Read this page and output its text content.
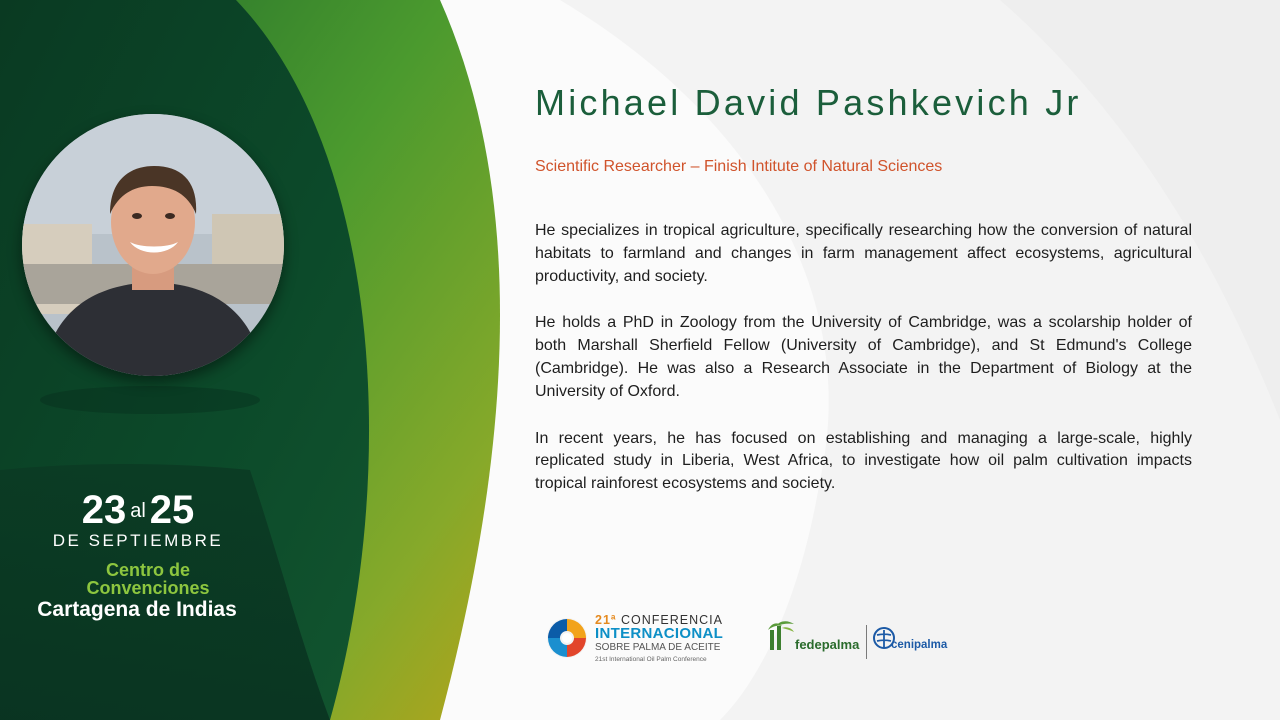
23 al 25
DE SEPTIEMBRE
Centro de
Convenciones
Cartagena de Indias
Michael David Pashkevich Jr
Scientific Researcher – Finish Intitute of Natural Sciences

He specializes in tropical agriculture, specifically researching how the conversion of natural habitats to farmland and changes in farm management affect ecosystems, agricultural productivity, and society.

He holds a PhD in Zoology from the University of Cambridge, was a scolarship holder of both Marshall Sherfield Fellow (University of Cambridge), and St Edmund's College (Cambridge). He was also a Research Associate in the Department of Biology at the University of Oxford.

In recent years, he has focused on establishing and managing a large-scale, highly replicated study in Liberia, West Africa, to investigate how oil palm cultivation impacts tropical rainforest ecosystems and society.

21ª CONFERENCIA
INTERNACIONAL
SOBRE PALMA DE ACEITE
21st International Oil Palm Conference
fedepalma	cenipalma
